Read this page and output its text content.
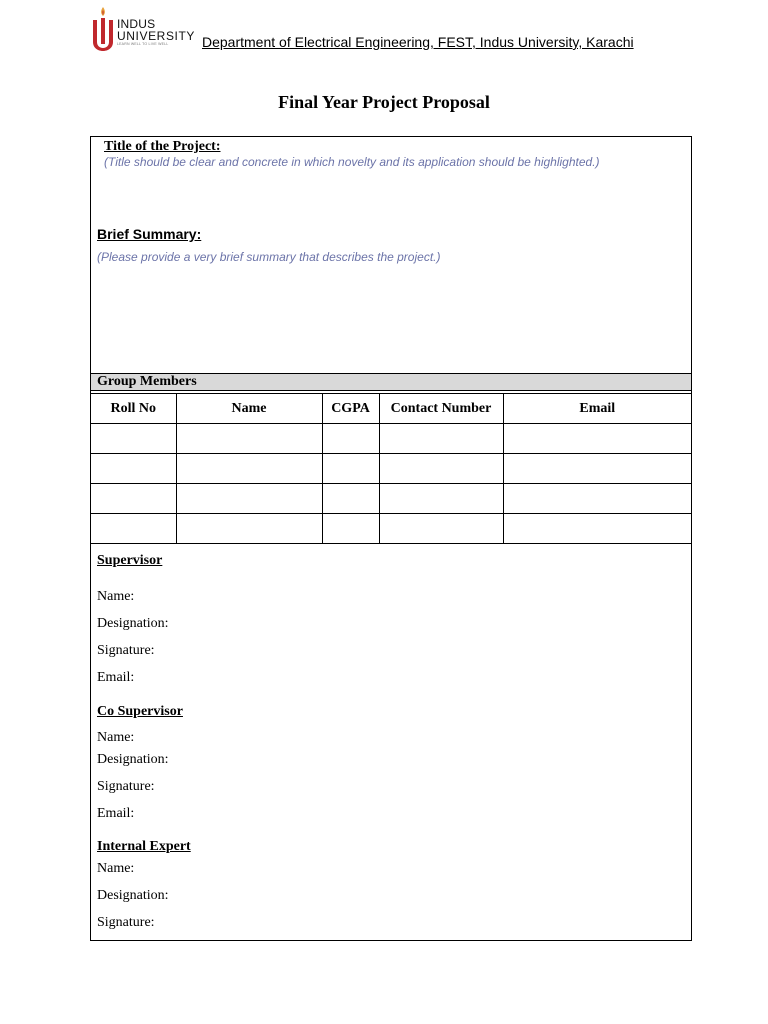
INDUS
UNIVERSITY
LEARN WELL TO LIVE WELL	Department of Electrical Engineering, FEST, Indus University, Karachi
Final Year Project Proposal
Title of the Project:
(Title should be clear and concrete in which novelty and its application should be highlighted.)
Brief Summary:
(Please provide a very brief summary that describes the project.)
Group Members
Roll No	Name	CGPA	Contact Number	Email

Supervisor
Name:
Designation:
Signature:
Email:
Co Supervisor
Name:
Designation:
Signature:
Email:
Internal Expert
Name:
Designation:
Signature:
